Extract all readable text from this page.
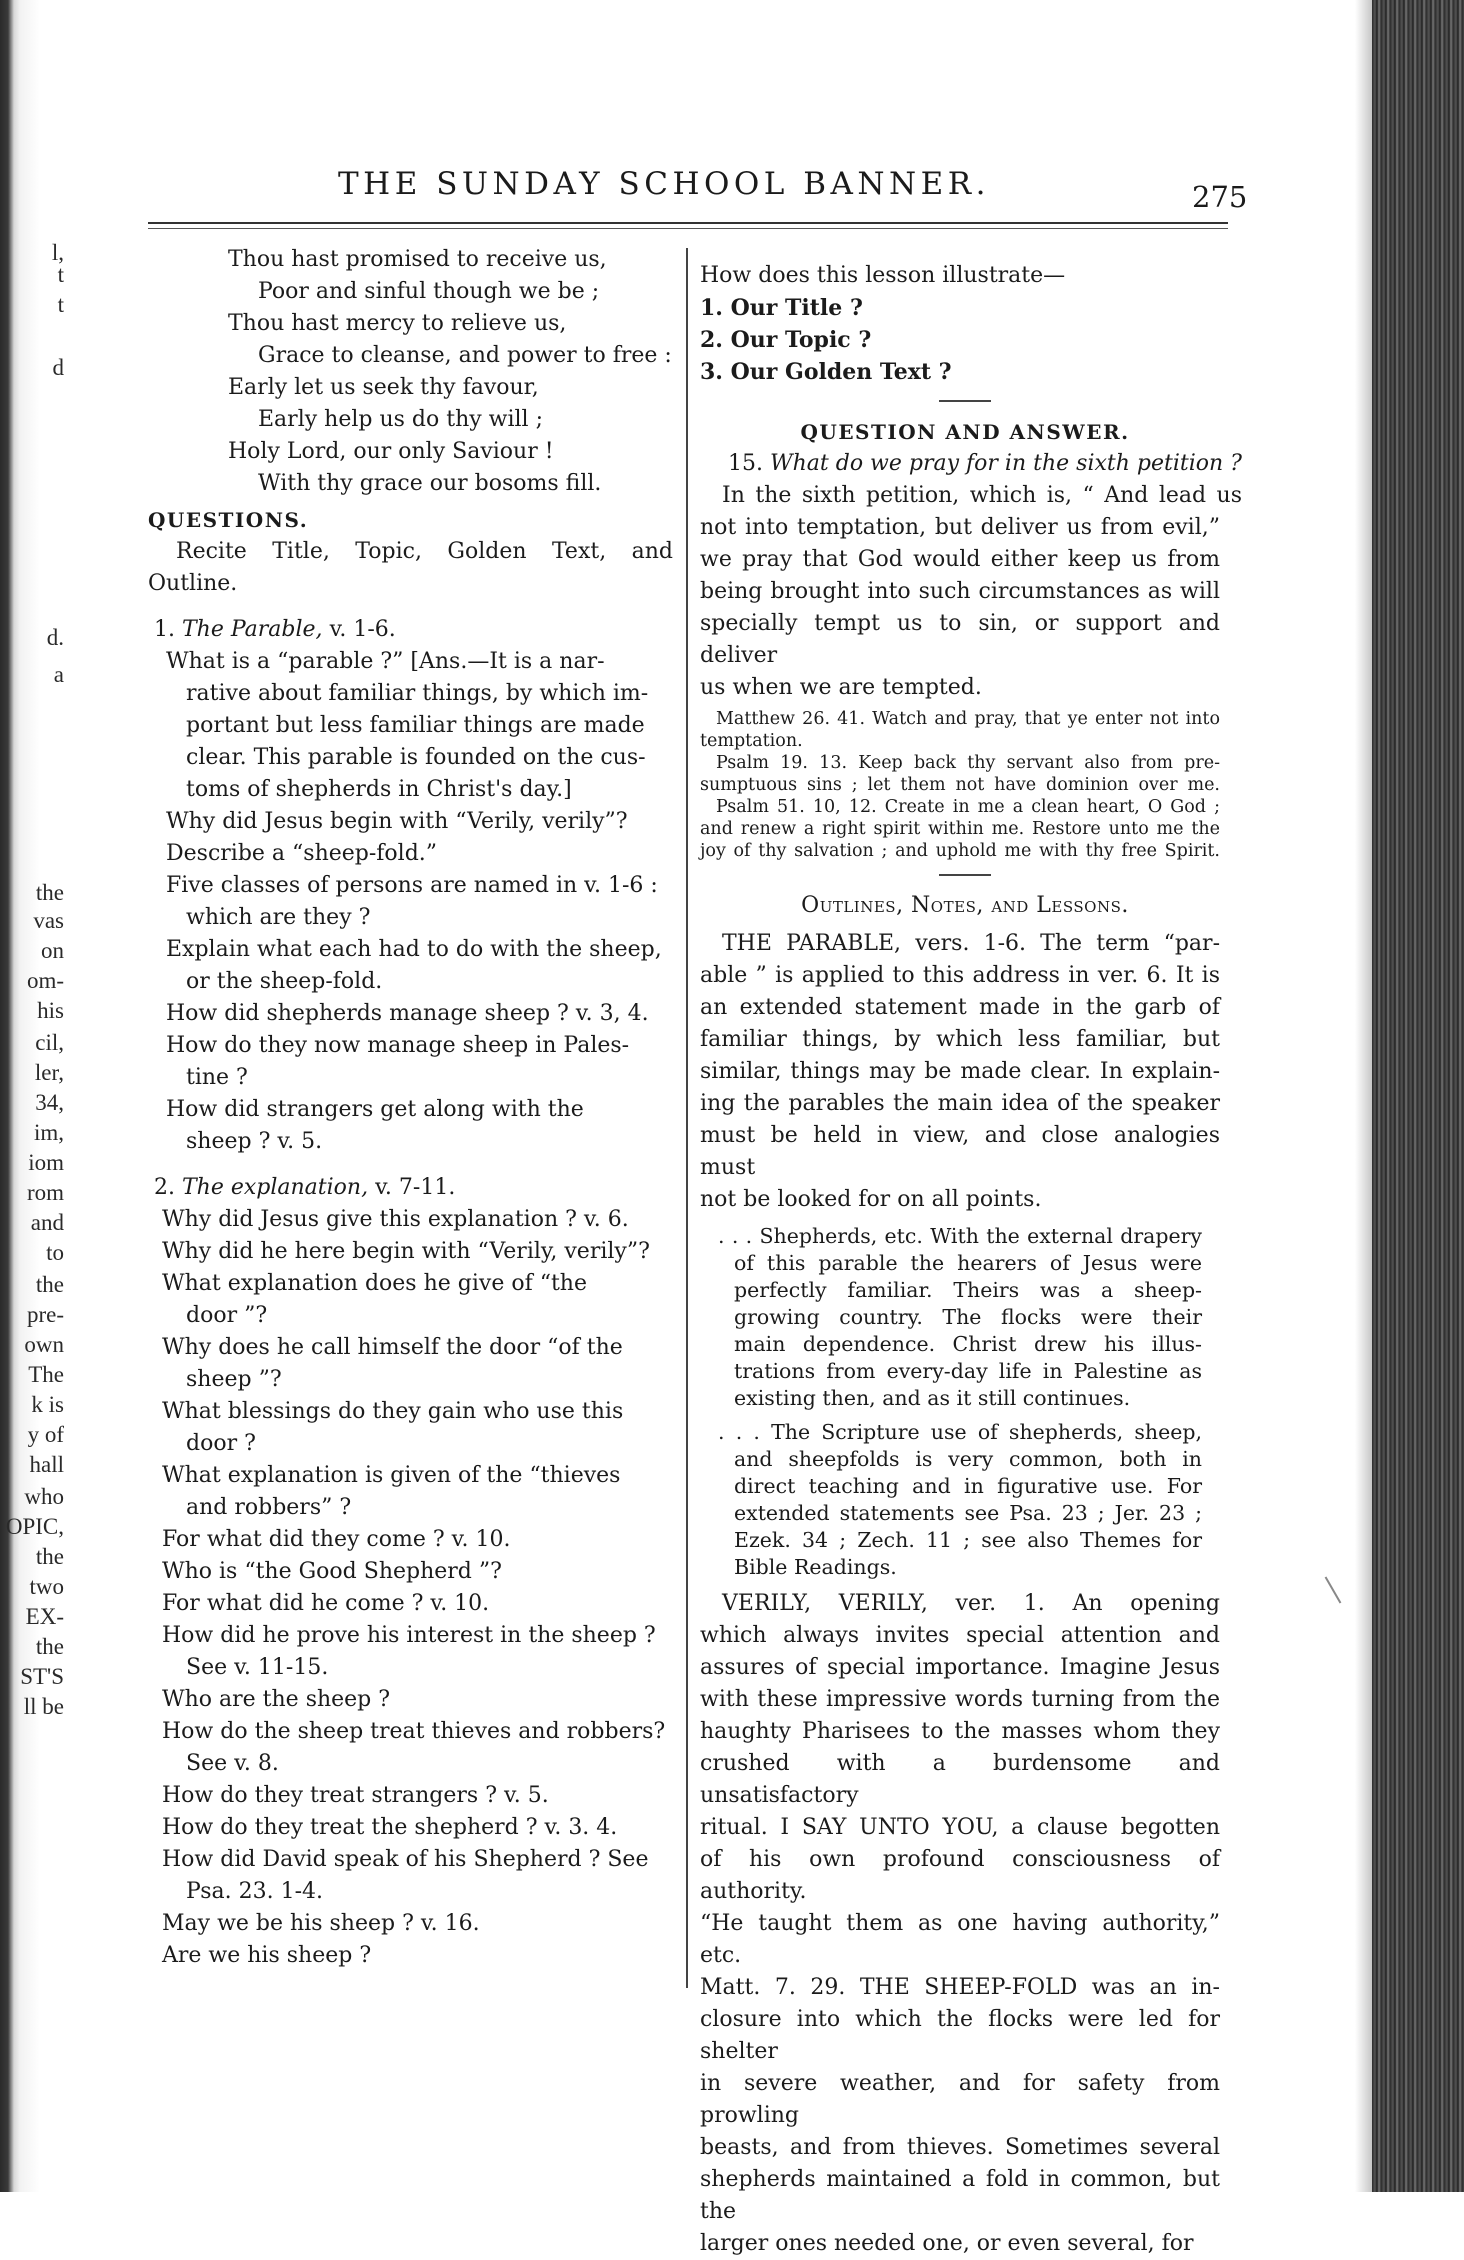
l,
t
t
d
d.
a
the
vas
on
om-
his
cil,
ler,
34,
im,
iom
rom
and
to
the
pre-
own
The
k is
y of
hall
who
OPIC,
the
two
EX-
the
ST'S
ll be
THE SUNDAY SCHOOL BANNER.	275
Thou hast promised to receive us,
Poor and sinful though we be ;
Thou hast mercy to relieve us,
Grace to cleanse, and power to free :
Early let us seek thy favour,
Early help us do thy will ;
Holy Lord, our only Saviour !
With thy grace our bosoms fill.
QUESTIONS.
Recite Title, Topic, Golden Text, and
Outline.
1. The Parable, v. 1-6.
What is a “parable ?” [Ans.—It is a nar-
rative about familiar things, by which im-
portant but less familiar things are made
clear. This parable is founded on the cus-
toms of shepherds in Christ's day.]
Why did Jesus begin with “Verily, verily”?
Describe a “sheep-fold.”
Five classes of persons are named in v. 1-6 :
which are they ?
Explain what each had to do with the sheep,
or the sheep-fold.
How did shepherds manage sheep ? v. 3, 4.
How do they now manage sheep in Pales-
tine ?
How did strangers get along with the
sheep ? v. 5.
2. The explanation, v. 7-11.
Why did Jesus give this explanation ? v. 6.
Why did he here begin with “Verily, verily”?
What explanation does he give of “the
door ”?
Why does he call himself the door “of the
sheep ”?
What blessings do they gain who use this
door ?
What explanation is given of the “thieves
and robbers” ?
For what did they come ? v. 10.
Who is “the Good Shepherd ”?
For what did he come ? v. 10.
How did he prove his interest in the sheep ?
See v. 11-15.
Who are the sheep ?
How do the sheep treat thieves and robbers?
See v. 8.
How do they treat strangers ? v. 5.
How do they treat the shepherd ? v. 3. 4.
How did David speak of his Shepherd ? See
Psa. 23. 1-4.
May we be his sheep ? v. 16.
Are we his sheep ?
How does this lesson illustrate—
1. Our Title ?
2. Our Topic ?
3. Our Golden Text ?
QUESTION AND ANSWER.
15. What do we pray for in the sixth petition ?
In the sixth petition, which is, “ And lead us
not into temptation, but deliver us from evil,”
we pray that God would either keep us from
being brought into such circumstances as will
specially tempt us to sin, or support and deliver
us when we are tempted.
Matthew 26. 41. Watch and pray, that ye enter not into
temptation.
Psalm 19. 13. Keep back thy servant also from pre-
sumptuous sins ; let them not have dominion over me.
Psalm 51. 10, 12. Create in me a clean heart, O God ;
and renew a right spirit within me. Restore unto me the
joy of thy salvation ; and uphold me with thy free Spirit.
Outlines, Notes, and Lessons.
THE PARABLE, vers. 1-6. The term “par-
able ” is applied to this address in ver. 6. It is
an extended statement made in the garb of
familiar things, by which less familiar, but
similar, things may be made clear. In explain-
ing the parables the main idea of the speaker
must be held in view, and close analogies must
not be looked for on all points.
. . . Shepherds, etc. With the external drapery
of this parable the hearers of Jesus were
perfectly familiar. Theirs was a sheep-
growing country. The flocks were their
main dependence. Christ drew his illus-
trations from every-day life in Palestine as
existing then, and as it still continues.
. . . The Scripture use of shepherds, sheep,
and sheepfolds is very common, both in
direct teaching and in figurative use. For
extended statements see Psa. 23 ; Jer. 23 ;
Ezek. 34 ; Zech. 11 ; see also Themes for
Bible Readings.
VERILY, VERILY, ver. 1. An opening
which always invites special attention and
assures of special importance. Imagine Jesus
with these impressive words turning from the
haughty Pharisees to the masses whom they
crushed with a burdensome and unsatisfactory
ritual. I SAY UNTO YOU, a clause begotten
of his own profound consciousness of authority.
“He taught them as one having authority,” etc.
Matt. 7. 29. THE SHEEP-FOLD was an in-
closure into which the flocks were led for shelter
in severe weather, and for safety from prowling
beasts, and from thieves. Sometimes several
shepherds maintained a fold in common, but the
larger ones needed one, or even several, for
